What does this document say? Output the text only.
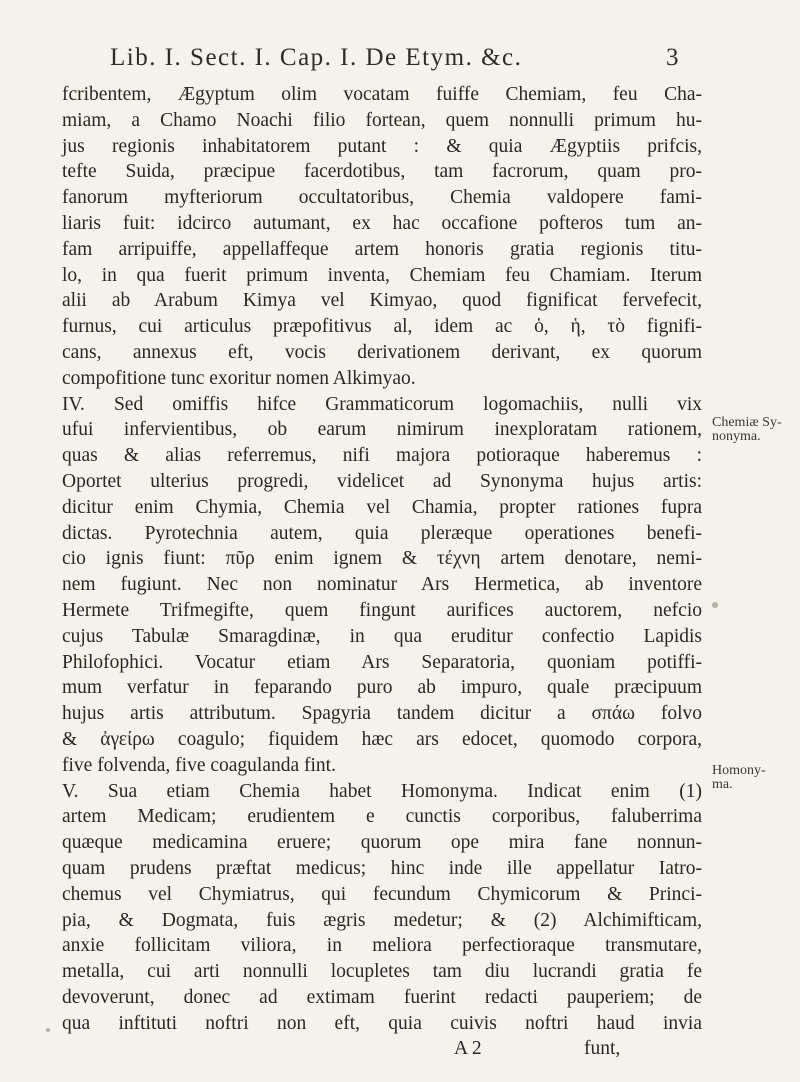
Lib. I. Sect. I. Cap. I. De Etym. &c.	3
fcribentem, Ægyptum olim vocatam fuiffe Chemiam, feu Cha-
miam, a Chamo Noachi filio fortean, quem nonnulli primum hu-
jus regionis inhabitatorem putant : & quia Ægyptiis prifcis,
tefte Suida, præcipue facerdotibus, tam facrorum, quam pro-
fanorum myfteriorum occultatoribus, Chemia valdopere fami-
liaris fuit: idcirco autumant, ex hac occafione pofteros tum an-
fam arripuiffe, appellaffeque artem honoris gratia regionis titu-
lo, in qua fuerit primum inventa, Chemiam feu Chamiam. Iterum
alii ab Arabum Kimya vel Kimyao, quod fignificat fervefecit,
furnus, cui articulus præpofitivus al, idem ac ὁ, ἡ, τὸ fignifi-
cans, annexus eft, vocis derivationem derivant, ex quorum
compofitione tunc exoritur nomen Alkimyao.
IV. Sed omiffis hifce Grammaticorum logomachiis, nulli vix
ufui infervientibus, ob earum nimirum inexploratam rationem,
quas & alias referremus, nifi majora potioraque haberemus :
Oportet ulterius progredi, videlicet ad Synonyma hujus artis:
dicitur enim Chymia, Chemia vel Chamia, propter rationes fupra
dictas. Pyrotechnia autem, quia pleræque operationes benefi-
cio ignis fiunt: πῦρ enim ignem & τέχνη artem denotare, nemi-
nem fugiunt. Nec non nominatur Ars Hermetica, ab inventore
Hermete Trifmegifte, quem fingunt aurifices auctorem, nefcio
cujus Tabulæ Smaragdinæ, in qua eruditur confectio Lapidis
Philofophici. Vocatur etiam Ars Separatoria, quoniam potiffi-
mum verfatur in feparando puro ab impuro, quale præcipuum
hujus artis attributum. Spagyria tandem dicitur a σπάω folvo
& ἀγείρω coagulo; fiquidem hæc ars edocet, quomodo corpora,
five folvenda, five coagulanda fint.
V. Sua etiam Chemia habet Homonyma. Indicat enim (1)
artem Medicam; erudientem e cunctis corporibus, faluberrima
quæque medicamina eruere; quorum ope mira fane nonnun-
quam prudens præftat medicus; hinc inde ille appellatur Iatro-
chemus vel Chymiatrus, qui fecundum Chymicorum & Princi-
pia, & Dogmata, fuis ægris medetur; & (2) Alchimifticam,
anxie follicitam viliora, in meliora perfectioraque transmutare,
metalla, cui arti nonnulli locupletes tam diu lucrandi gratia fe
devoverunt, donec ad extimam fuerint redacti pauperiem; de
qua inftituti noftri non eft, quia cuivis noftri haud invia
A 2	funt,
Chemiæ Sy-
nonyma.
Homony-
ma.
